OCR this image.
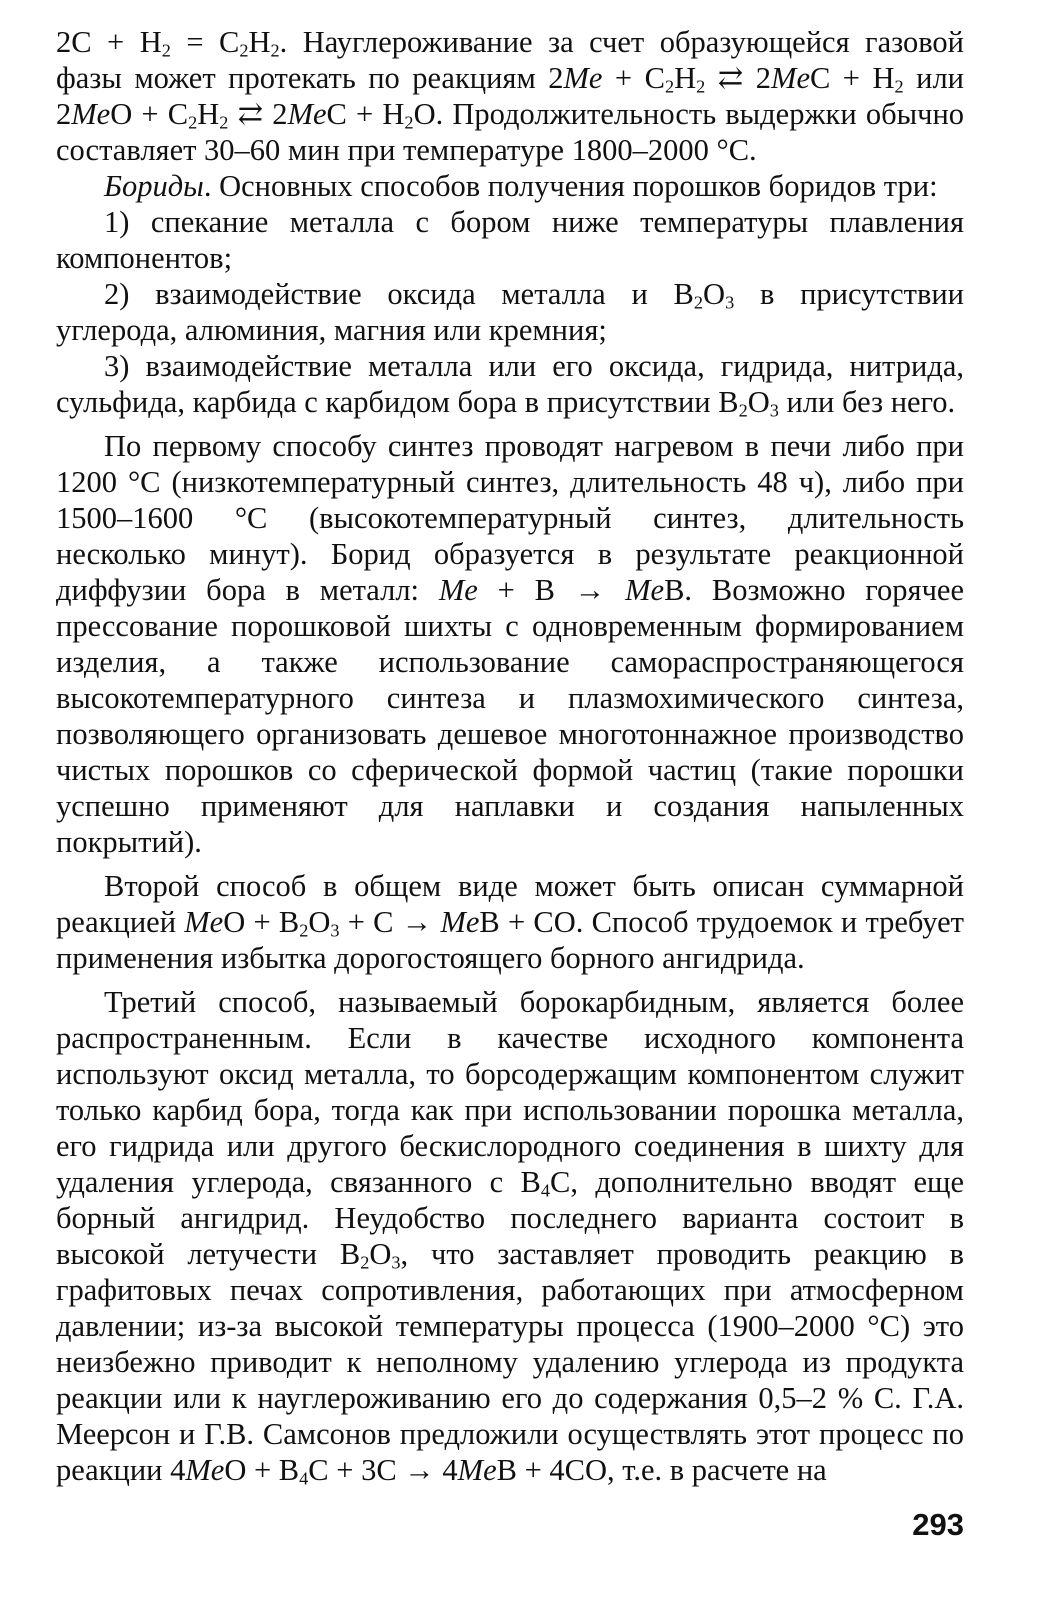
$2C + H_2 = C_2H_2$. Науглероживание за счет образующейся газовой фазы может протекать по реакциям $2Me + C_2H_2$ ⇄ $2MeC + H_2$ или $2MeO + C_2H_2$ ⇄ $2MeC + H_2O$. Продолжительность выдержки обычно составляет 30–60 мин при температуре 1800–2000 °С.

Бориды. Основных способов получения порошков боридов три:

1) спекание металла с бором ниже температуры плавления компонентов;

2) взаимодействие оксида металла и $B_2O_3$ в присутствии углерода, алюминия, магния или кремния;

3) взаимодействие металла или его оксида, гидрида, нитрида, сульфида, карбида с карбидом бора в присутствии $B_2O_3$ или без него.

По первому способу синтез проводят нагревом в печи либо при 1200 °С (низкотемпературный синтез, длительность 48 ч), либо при 1500–1600 °С (высокотемпературный синтез, длительность несколько минут). Борид образуется в результате реакционной диффузии бора в металл: Me + B → MeB. Возможно горячее прессование порошковой шихты с одновременным формированием изделия, а также использование самораспространяющегося высокотемпературного синтеза и плазмохимического синтеза, позволяющего организовать дешевое многотоннажное производство чистых порошков со сферической формой частиц (такие порошки успешно применяют для наплавки и создания напыленных покрытий).

Второй способ в общем виде может быть описан суммарной реакцией MeO + $B_2O_3 + C$ → MeB + CO. Способ трудоемок и требует применения избытка дорогостоящего борного ангидрида.

Третий способ, называемый борокарбидным, является более распространенным. Если в качестве исходного компонента используют оксид металла, то борсодержащим компонентом служит только карбид бора, тогда как при использовании порошка металла, его гидрида или другого бескислородного соединения в шихту для удаления углерода, связанного с $B_4C$, дополнительно вводят еще борный ангидрид. Неудобство последнего варианта состоит в высокой летучести $B_2O_3$, что заставляет проводить реакцию в графитовых печах сопротивления, работающих при атмосферном давлении; из-за высокой температуры процесса (1900–2000 °С) это неизбежно приводит к неполному удалению углерода из продукта реакции или к науглероживанию его до содержания 0,5–2 % С. Г.А. Меерсон и Г.В. Самсонов предложили осуществлять этот процесс по реакции $4MeO + B_4C + 3C \to 4MeB + 4CO$, т.е. в расчете на

293
